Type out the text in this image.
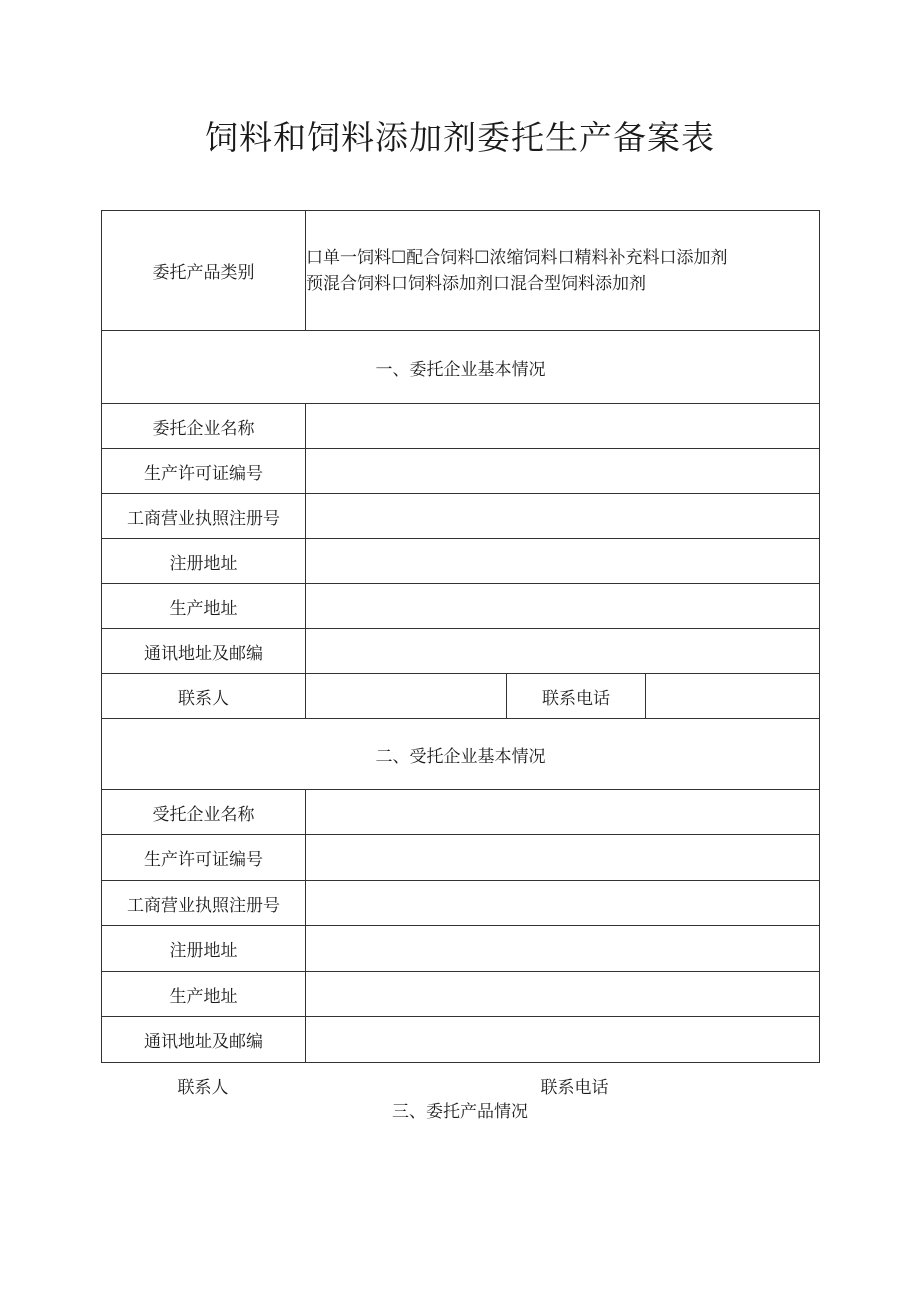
饲料和饲料添加剂委托生产备案表
委托产品类别	口单一饲料☐配合饲料☐浓缩饲料口精料补充料口添加剂
预混合饲料口饲料添加剂口混合型饲料添加剂		

一、委托企业基本情况			
委托企业名称			
生产许可证编号			
工商营业执照注册号			
注册地址			
生产地址			
通讯地址及邮编			
联系人		联系电话	
二、受托企业基本情况			
受托企业名称			
生产许可证编号			
工商营业执照注册号			
注册地址			
生产地址			
通讯地址及邮编			
联系人	联系电话
三、委托产品情况
